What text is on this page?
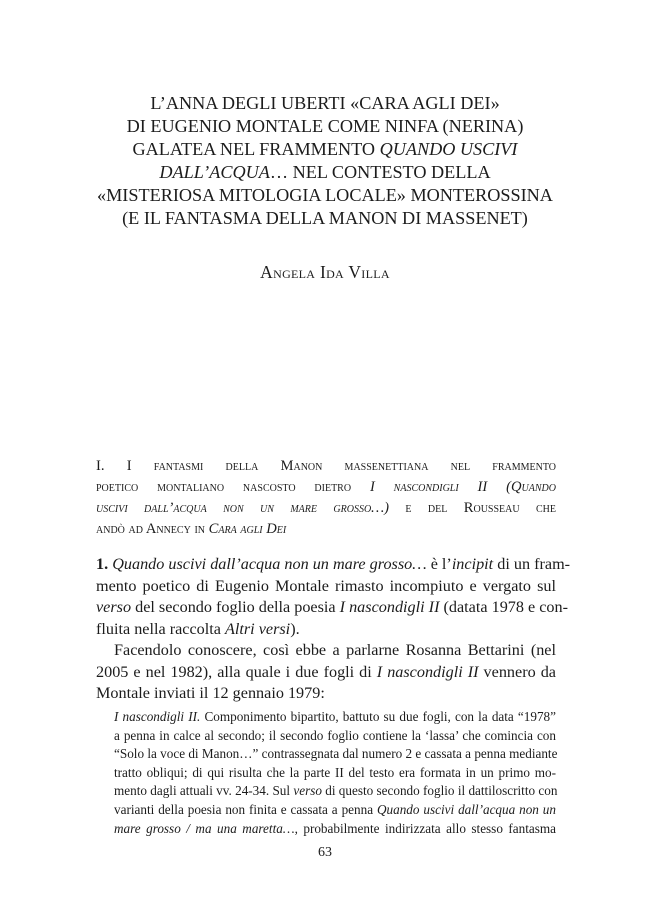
L’ANNA DEGLI UBERTI «CARA AGLI DEI»
DI EUGENIO MONTALE COME NINFA (NERINA)
GALATEA NEL FRAMMENTO QUANDO USCIVI
DALL’ACQUA… NEL CONTESTO DELLA
«MISTERIOSA MITOLOGIA LOCALE» MONTEROSSINA
(E IL FANTASMA DELLA MANON DI MASSENET)
Angela Ida Villa
I. I fantasmi della Manon massenettiana nel frammento
poetico montaliano nascosto dietro I nascondigli II (Quando
uscivi dall’acqua non un mare grosso…) e del Rousseau che
andò ad Annecy in Cara agli Dei
1. Quando uscivi dall’acqua non un mare grosso… è l’incipit di un fram-
mento poetico di Eugenio Montale rimasto incompiuto e vergato sul
verso del secondo foglio della poesia I nascondigli II (datata 1978 e con-
fluita nella raccolta Altri versi).
Facendolo conoscere, così ebbe a parlarne Rosanna Bettarini (nel
2005 e nel 1982), alla quale i due fogli di I nascondigli II vennero da
Montale inviati il 12 gennaio 1979:
I nascondigli II. Componimento bipartito, battuto su due fogli, con la data “1978”
a penna in calce al secondo; il secondo foglio contiene la ‘lassa’ che comincia con
“Solo la voce di Manon…” contrassegnata dal numero 2 e cassata a penna mediante
tratto obliqui; di qui risulta che la parte II del testo era formata in un primo mo-
mento dagli attuali vv. 24-34. Sul verso di questo secondo foglio il dattiloscritto con
varianti della poesia non finita e cassata a penna Quando uscivi dall’acqua non un
mare grosso / ma una maretta…, probabilmente indirizzata allo stesso fantasma
63
